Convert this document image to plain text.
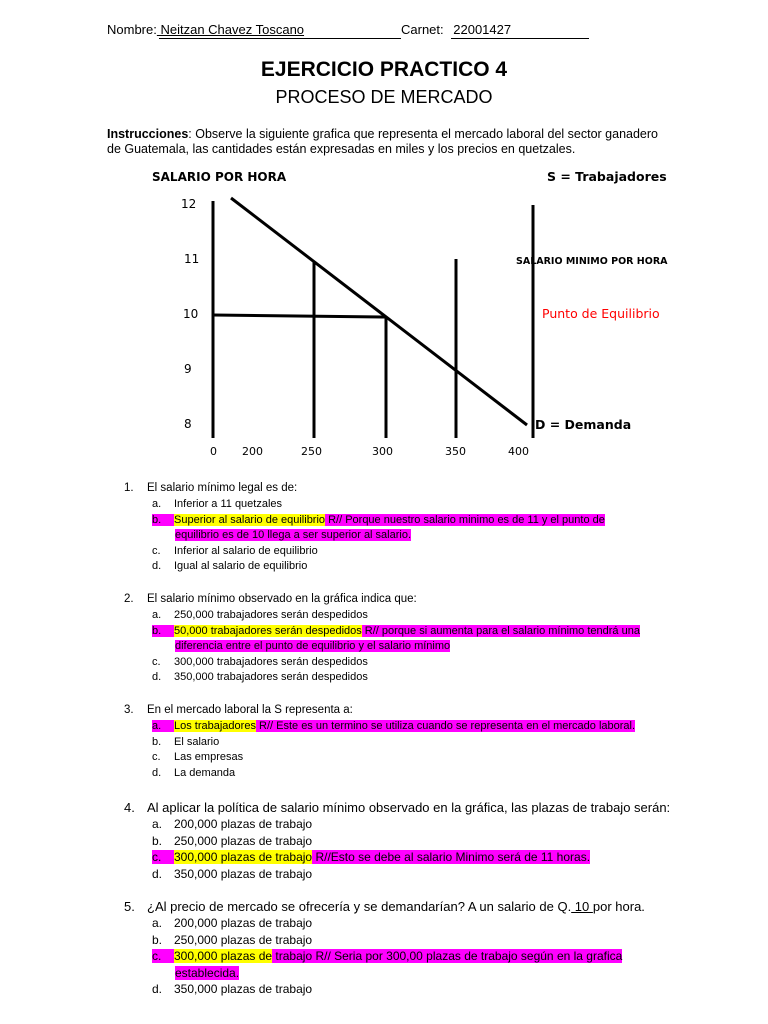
Nombre: Neitzan Chavez Toscano	Carnet: 22001427
EJERCICIO PRACTICO 4
PROCESO DE MERCADO
Instrucciones: Observe la siguiente grafica que representa el mercado laboral del sector ganadero
de Guatemala, las cantidades están expresadas en miles y los precios en quetzales.
SALARIO POR HORA	S = Trabajadores
12
11
10
9
8
0 200	250	300	350	400
SALARIO MINIMO POR HORA
Punto de Equilibrio
D = Demanda
1. El salario mínimo legal es de:
a. Inferior a 11 quetzales
b. Superior al salario de equilibrio R// Porque nuestro salario minimo es de 11 y el punto de
equilibrio es de 10 llega a ser superior al salario.
c. Inferior al salario de equilibrio
d. Igual al salario de equilibrio
2. El salario mínimo observado en la gráfica indica que:
a. 250,000 trabajadores serán despedidos
b. 50,000 trabajadores serán despedidos R// porque si aumenta para el salario mínimo tendrá una
diferencia entre el punto de equilibrio y el salario mínimo
c. 300,000 trabajadores serán despedidos
d. 350,000 trabajadores serán despedidos
3. En el mercado laboral la S representa a:
a. Los trabajadores R// Este es un termino se utiliza cuando se representa en el mercado laboral.
b. El salario
c. Las empresas
d. La demanda
4. Al aplicar la política de salario mínimo observado en la gráfica, las plazas de trabajo serán:
a. 200,000 plazas de trabajo
b. 250,000 plazas de trabajo
c. 300,000 plazas de trabajo R//Esto se debe al salario Minimo será de 11 horas.
d. 350,000 plazas de trabajo
5. ¿Al precio de mercado se ofrecería y se demandarían? A un salario de Q. 10 por hora.
a. 200,000 plazas de trabajo
b. 250,000 plazas de trabajo
c. 300,000 plazas de trabajo R// Seria por 300,00 plazas de trabajo según en la grafica
establecida.
d. 350,000 plazas de trabajo
